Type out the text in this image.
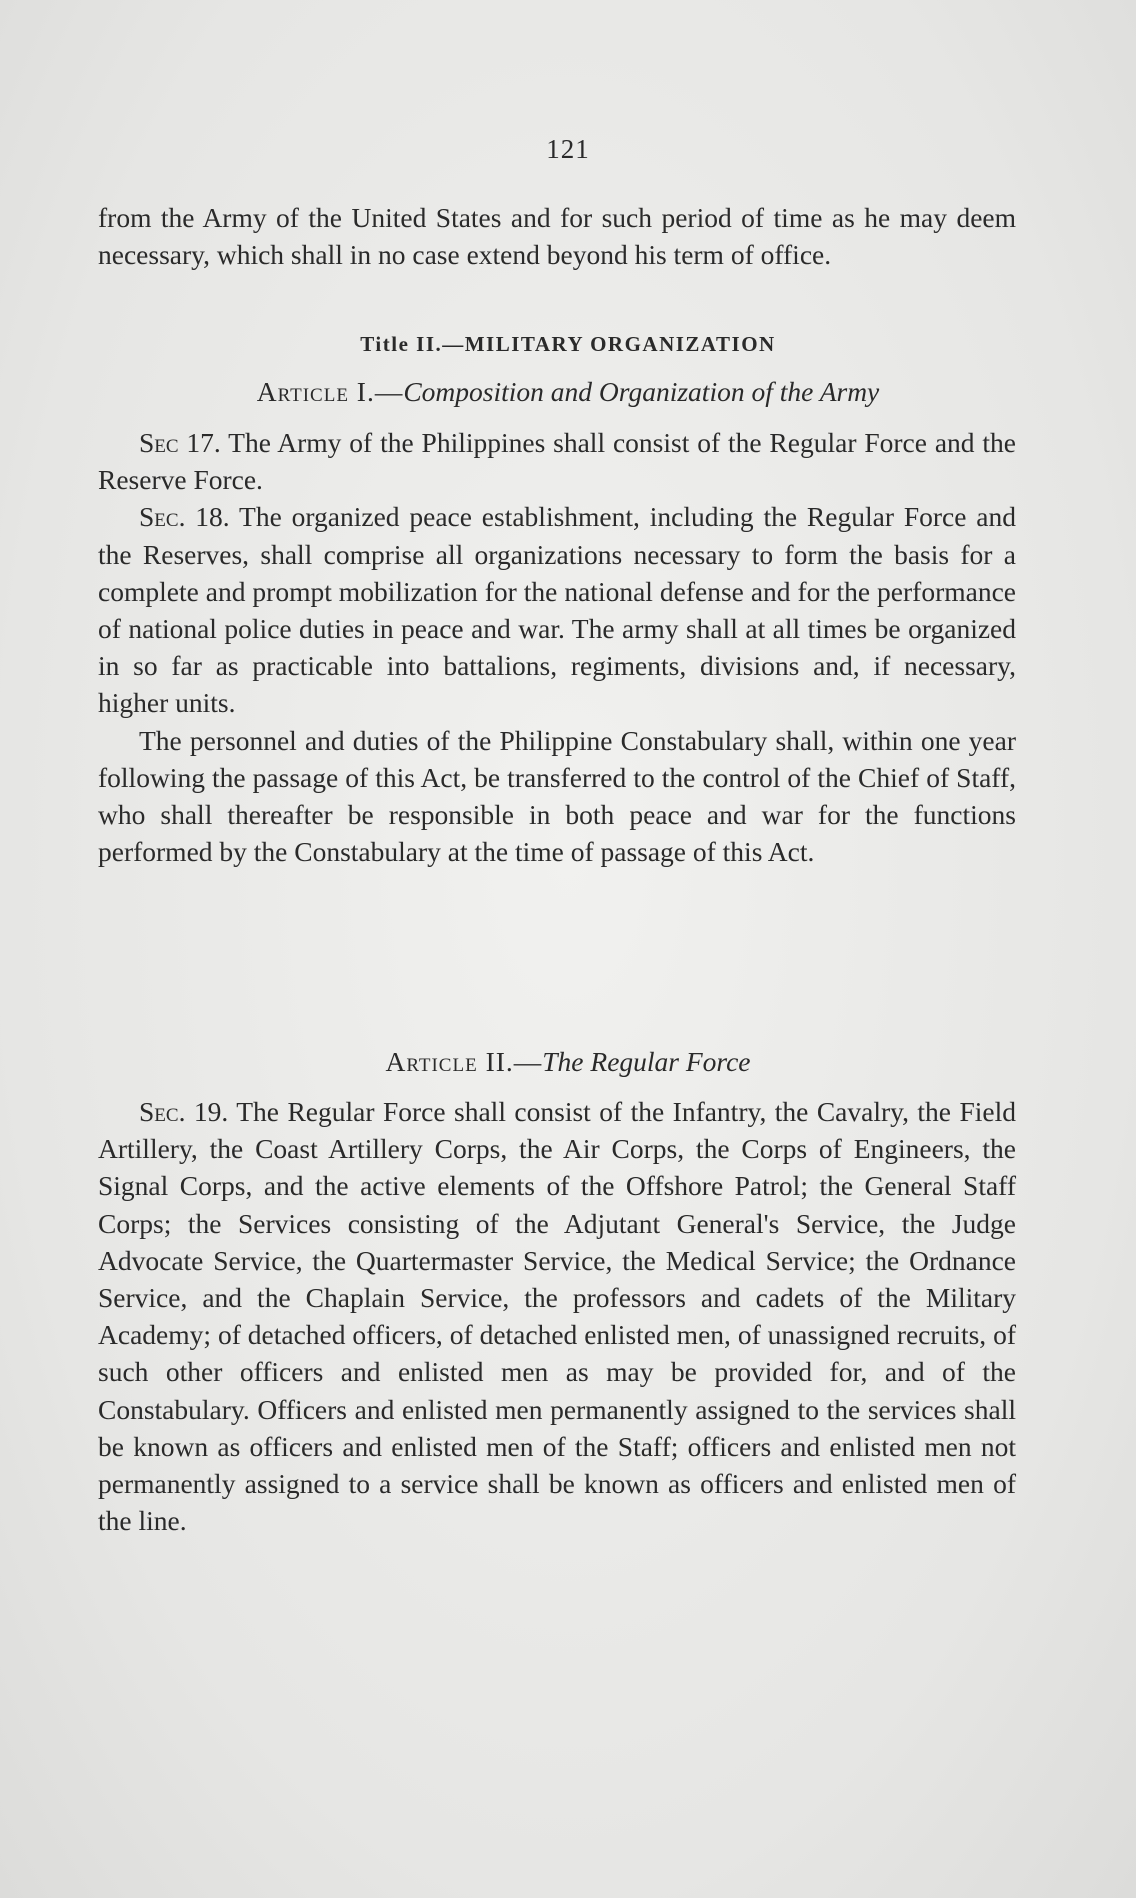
121

from the Army of the United States and for such period of time as he may deem necessary, which shall in no case extend beyond his term of office.

Title II.—MILITARY ORGANIZATION
Article I.—Composition and Organization of the Army

Sec 17. The Army of the Philippines shall consist of the Regular Force and the Reserve Force.

Sec. 18. The organized peace establishment, including the Regular Force and the Reserves, shall comprise all organizations necessary to form the basis for a complete and prompt mobilization for the national defense and for the performance of national police duties in peace and war. The army shall at all times be organized in so far as practicable into battalions, regiments, divisions and, if necessary, higher units.

The personnel and duties of the Philippine Constabulary shall, within one year following the passage of this Act, be transferred to the control of the Chief of Staff, who shall thereafter be responsible in both peace and war for the functions performed by the Constabulary at the time of passage of this Act.

Article II.—The Regular Force

Sec. 19. The Regular Force shall consist of the Infantry, the Cavalry, the Field Artillery, the Coast Artillery Corps, the Air Corps, the Corps of Engineers, the Signal Corps, and the active elements of the Offshore Patrol; the General Staff Corps; the Services consisting of the Adjutant General's Service, the Judge Advocate Service, the Quartermaster Service, the Medical Service; the Ordnance Service, and the Chaplain Service, the professors and cadets of the Military Academy; of detached officers, of detached enlisted men, of unassigned recruits, of such other officers and enlisted men as may be provided for, and of the Constabulary. Officers and enlisted men permanently assigned to the services shall be known as officers and enlisted men of the Staff; officers and enlisted men not permanently assigned to a service shall be known as officers and enlisted men of the line.
